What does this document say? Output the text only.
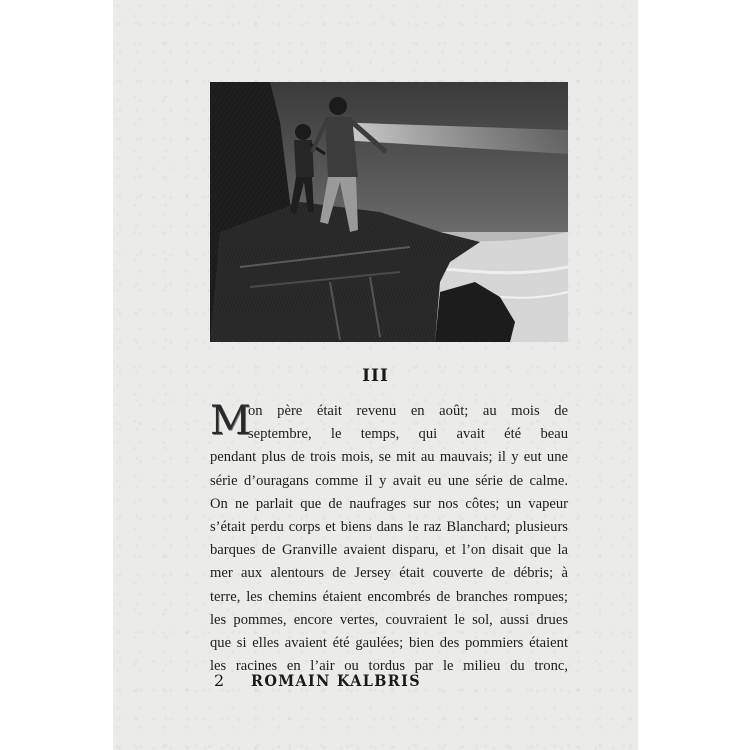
III
M
on père était revenu en août; au mois de
septembre, le temps, qui avait été beau
pendant plus de trois mois, se mit au mauvais; il y eut une
série d’ouragans comme il y avait eu une série de calme.
On ne parlait que de naufrages sur nos côtes; un vapeur
s’était perdu corps et biens dans le raz Blanchard; plusieurs
barques de Granville avaient disparu, et l’on disait que la
mer aux alentours de Jersey était couverte de débris; à
terre, les chemins étaient encombrés de branches rompues;
les pommes, encore vertes, couvraient le sol, aussi drues
que si elles avaient été gaulées; bien des pommiers étaient
les racines en l’air ou tordus par le milieu du tronc,
2 ROMAIN KALBRIS
